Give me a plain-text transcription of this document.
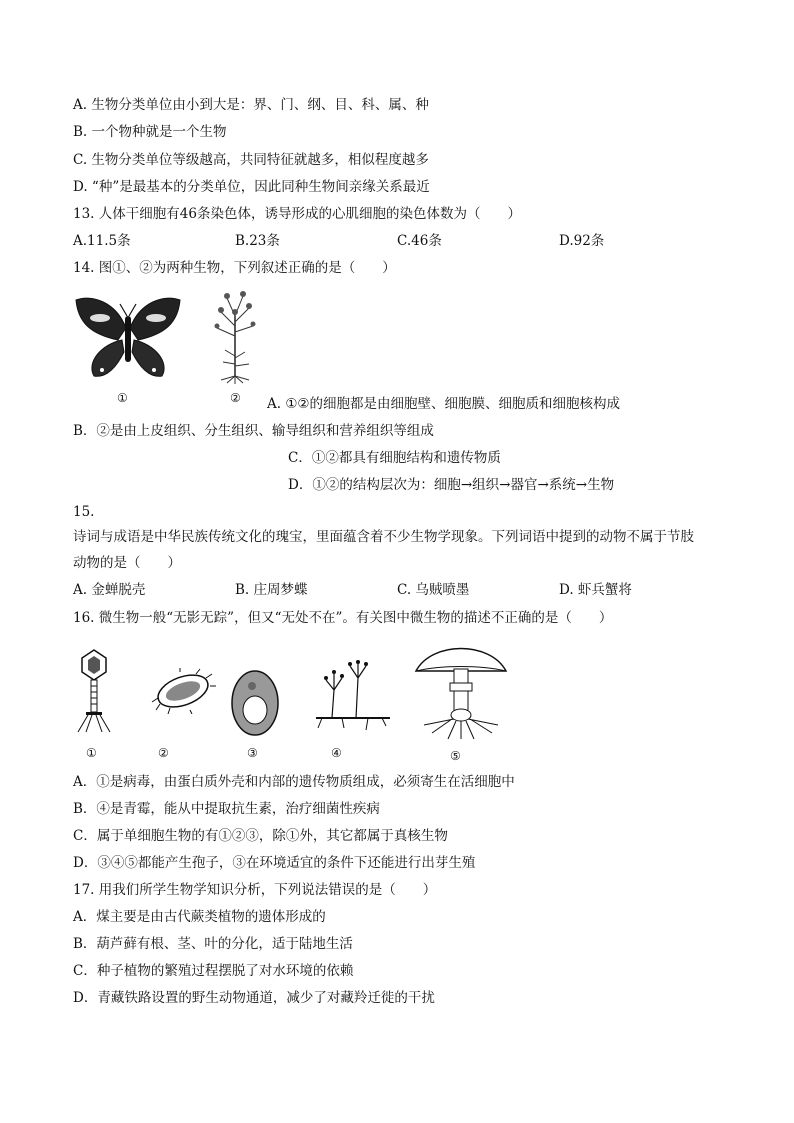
A. 生物分类单位由小到大是：界、门、纲、目、科、属、种
B. 一个物种就是一个生物
C. 生物分类单位等级越高，共同特征就越多，相似程度越多
D. “种”是最基本的分类单位，因此同种生物间亲缘关系最近
13. 人体干细胞有46条染色体，诱导形成的心肌细胞的染色体数为（　　）
A.11.5条	B.23条	C.46条	D.92条
14. 图①、②为两种生物，下列叙述正确的是（　　）
①	② A. ①②的细胞都是由细胞壁、细胞膜、细胞质和细胞核构成
B．②是由上皮组织、分生组织、输导组织和营养组织等组成
C．①②都具有细胞结构和遗传物质
D．①②的结构层次为：细胞→组织→器官→系统→生物
15.
诗词与成语是中华民族传统文化的瑰宝，里面蕴含着不少生物学现象。下列词语中提到的动物不属于节肢
动物的是（　　）
A. 金蝉脱壳	B. 庄周梦蝶	C. 乌贼喷墨	D. 虾兵蟹将
16. 微生物一般“无影无踪”，但又“无处不在”。有关图中微生物的描述不正确的是（　　）
①	②	③	④	⑤
A．①是病毒，由蛋白质外壳和内部的遗传物质组成，必须寄生在活细胞中
B．④是青霉，能从中提取抗生素，治疗细菌性疾病
C．属于单细胞生物的有①②③，除①外，其它都属于真核生物
D．③④⑤都能产生孢子，③在环境适宜的条件下还能进行出芽生殖
17. 用我们所学生物学知识分析，下列说法错误的是（　　）
A．煤主要是由古代蕨类植物的遗体形成的
B．葫芦藓有根、茎、叶的分化，适于陆地生活
C．种子植物的繁殖过程摆脱了对水环境的依赖
D．青藏铁路设置的野生动物通道，减少了对藏羚迁徙的干扰
